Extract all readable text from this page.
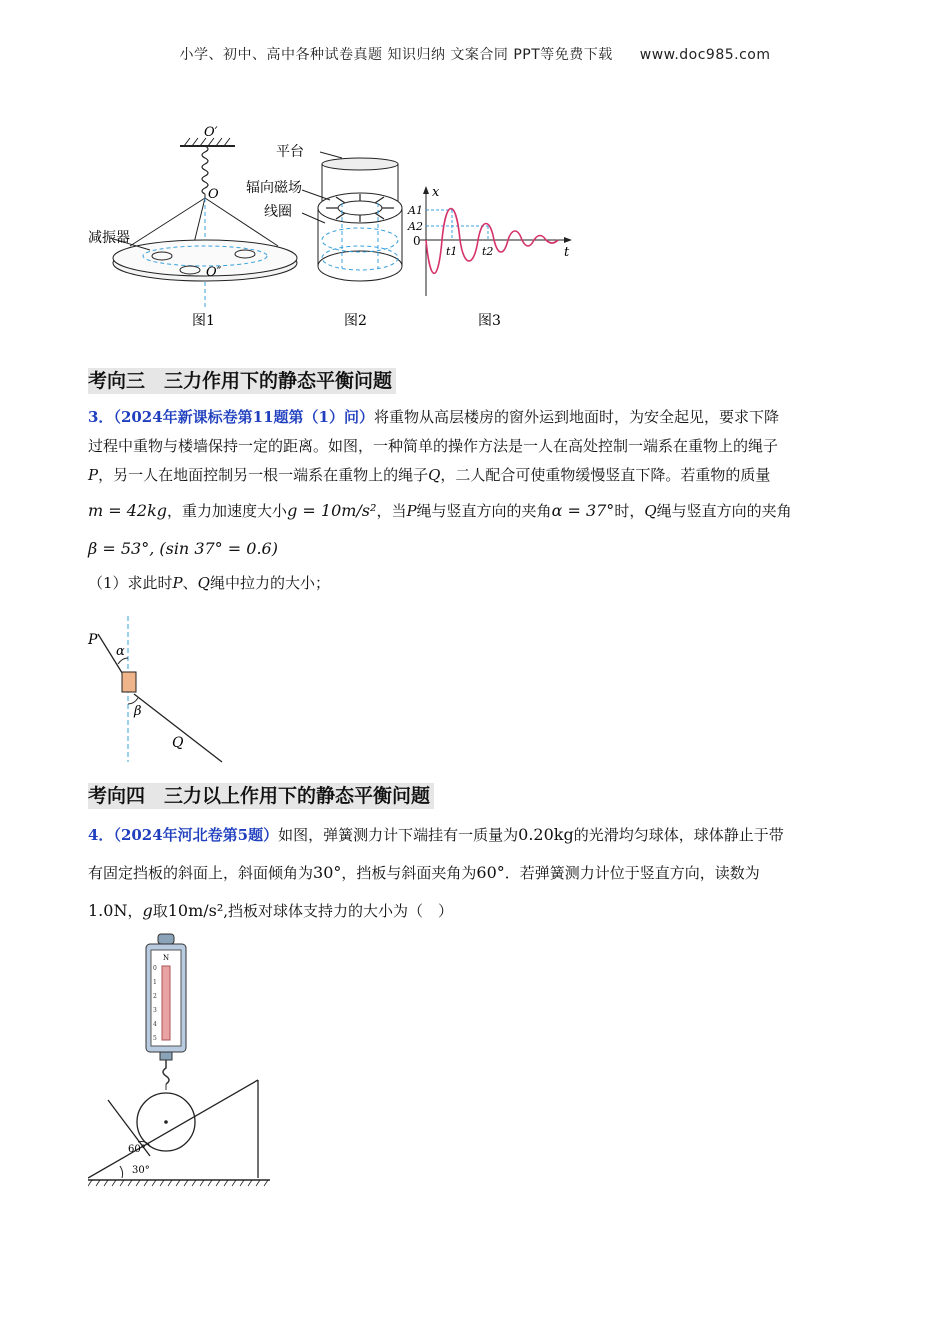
小学、初中、高中各种试卷真题 知识归纳 文案合同 PPT等免费下载 www.doc985.com
O′
O
O″
减振器
图1
平台
辐向磁场
线圈
图2
x
t
A1
A2
0
t1 t2
图3
考向三　三力作用下的静态平衡问题
3．（2024年新课标卷第11题第（1）问）将重物从高层楼房的窗外运到地面时，为安全起见，要求下降
过程中重物与楼墙保持一定的距离。如图，一种简单的操作方法是一人在高处控制一端系在重物上的绳子
P，另一人在地面控制另一根一端系在重物上的绳子Q，二人配合可使重物缓慢竖直下降。若重物的质量
m = 42kg，重力加速度大小g = 10m/s²，当P绳与竖直方向的夹角α = 37°时，Q绳与竖直方向的夹角
β = 53°, (sin 37° = 0.6)
（1）求此时P、Q绳中拉力的大小；
P
α
β
Q
考向四　三力以上作用下的静态平衡问题
4．（2024年河北卷第5题）如图，弹簧测力计下端挂有一质量为0.20kg的光滑均匀球体，球体静止于带
有固定挡板的斜面上，斜面倾角为30°，挡板与斜面夹角为60°．若弹簧测力计位于竖直方向，读数为
1.0N，g取10m/s²,挡板对球体支持力的大小为（　）
N
0
1
2
3
4
5
60°
30°
